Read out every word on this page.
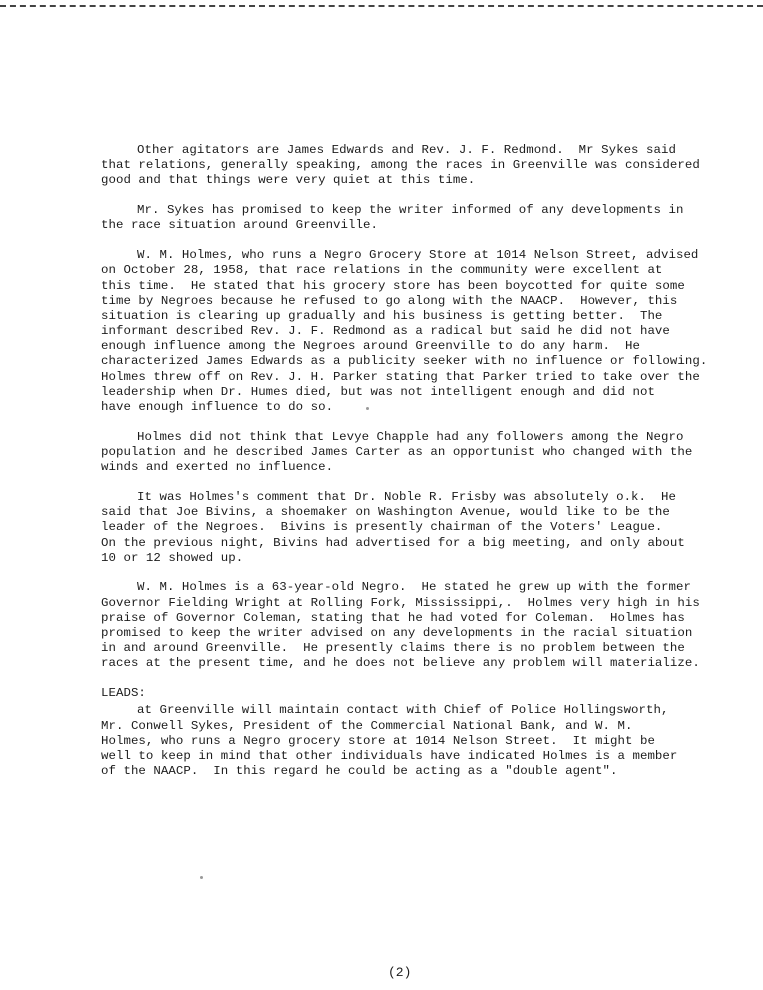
Other agitators are James Edwards and Rev. J. F. Redmond.  Mr Sykes said
that relations, generally speaking, among the races in Greenville was considered
good and that things were very quiet at this time.
Mr. Sykes has promised to keep the writer informed of any developments in
the race situation around Greenville.
W. M. Holmes, who runs a Negro Grocery Store at 1014 Nelson Street, advised
on October 28, 1958, that race relations in the community were excellent at
this time.  He stated that his grocery store has been boycotted for quite some
time by Negroes because he refused to go along with the NAACP.  However, this
situation is clearing up gradually and his business is getting better.  The
informant described Rev. J. F. Redmond as a radical but said he did not have
enough influence among the Negroes around Greenville to do any harm.  He
characterized James Edwards as a publicity seeker with no influence or following.
Holmes threw off on Rev. J. H. Parker stating that Parker tried to take over the
leadership when Dr. Humes died, but was not intelligent enough and did not
have enough influence to do so.
Holmes did not think that Levye Chapple had any followers among the Negro
population and he described James Carter as an opportunist who changed with the
winds and exerted no influence.
It was Holmes's comment that Dr. Noble R. Frisby was absolutely o.k.  He
said that Joe Bivins, a shoemaker on Washington Avenue, would like to be the
leader of the Negroes.  Bivins is presently chairman of the Voters' League.
On the previous night, Bivins had advertised for a big meeting, and only about
10 or 12 showed up.
W. M. Holmes is a 63-year-old Negro.  He stated he grew up with the former
Governor Fielding Wright at Rolling Fork, Mississippi,.  Holmes very high in his
praise of Governor Coleman, stating that he had voted for Coleman.  Holmes has
promised to keep the writer advised on any developments in the racial situation
in and around Greenville.  He presently claims there is no problem between the
races at the present time, and he does not believe any problem will materialize.
LEADS:
at Greenville will maintain contact with Chief of Police Hollingsworth,
Mr. Conwell Sykes, President of the Commercial National Bank, and W. M.
Holmes, who runs a Negro grocery store at 1014 Nelson Street.  It might be
well to keep in mind that other individuals have indicated Holmes is a member
of the NAACP.  In this regard he could be acting as a "double agent".
(2)
